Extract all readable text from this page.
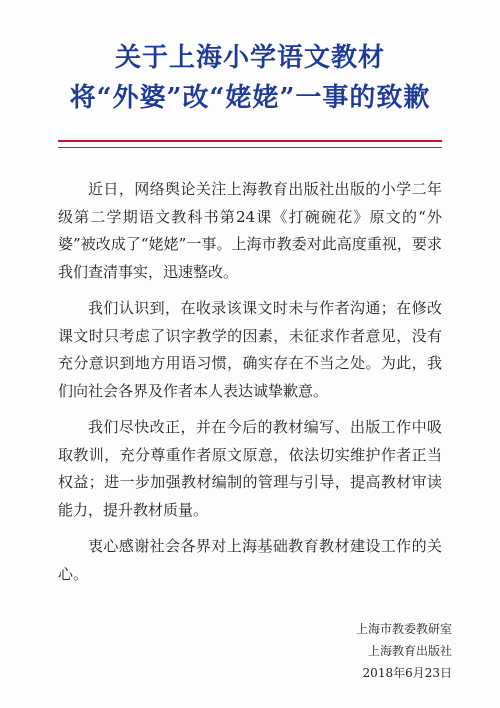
关于上海小学语文教材
将“外婆”改“姥姥”一事的致歉

近日，网络舆论关注上海教育出版社出版的小学二年级第二学期语文教科书第24课《打碗碗花》原文的“外婆”被改成了“姥姥”一事。上海市教委对此高度重视，要求我们查清事实，迅速整改。

我们认识到，在收录该课文时未与作者沟通；在修改课文时只考虑了识字教学的因素，未征求作者意见，没有充分意识到地方用语习惯，确实存在不当之处。为此，我们向社会各界及作者本人表达诚挚歉意。

我们尽快改正，并在今后的教材编写、出版工作中吸取教训，充分尊重作者原文原意，依法切实维护作者正当权益；进一步加强教材编制的管理与引导，提高教材审读能力，提升教材质量。

衷心感谢社会各界对上海基础教育教材建设工作的关心。

上海市教委教研室
上海教育出版社
2018年6月23日
